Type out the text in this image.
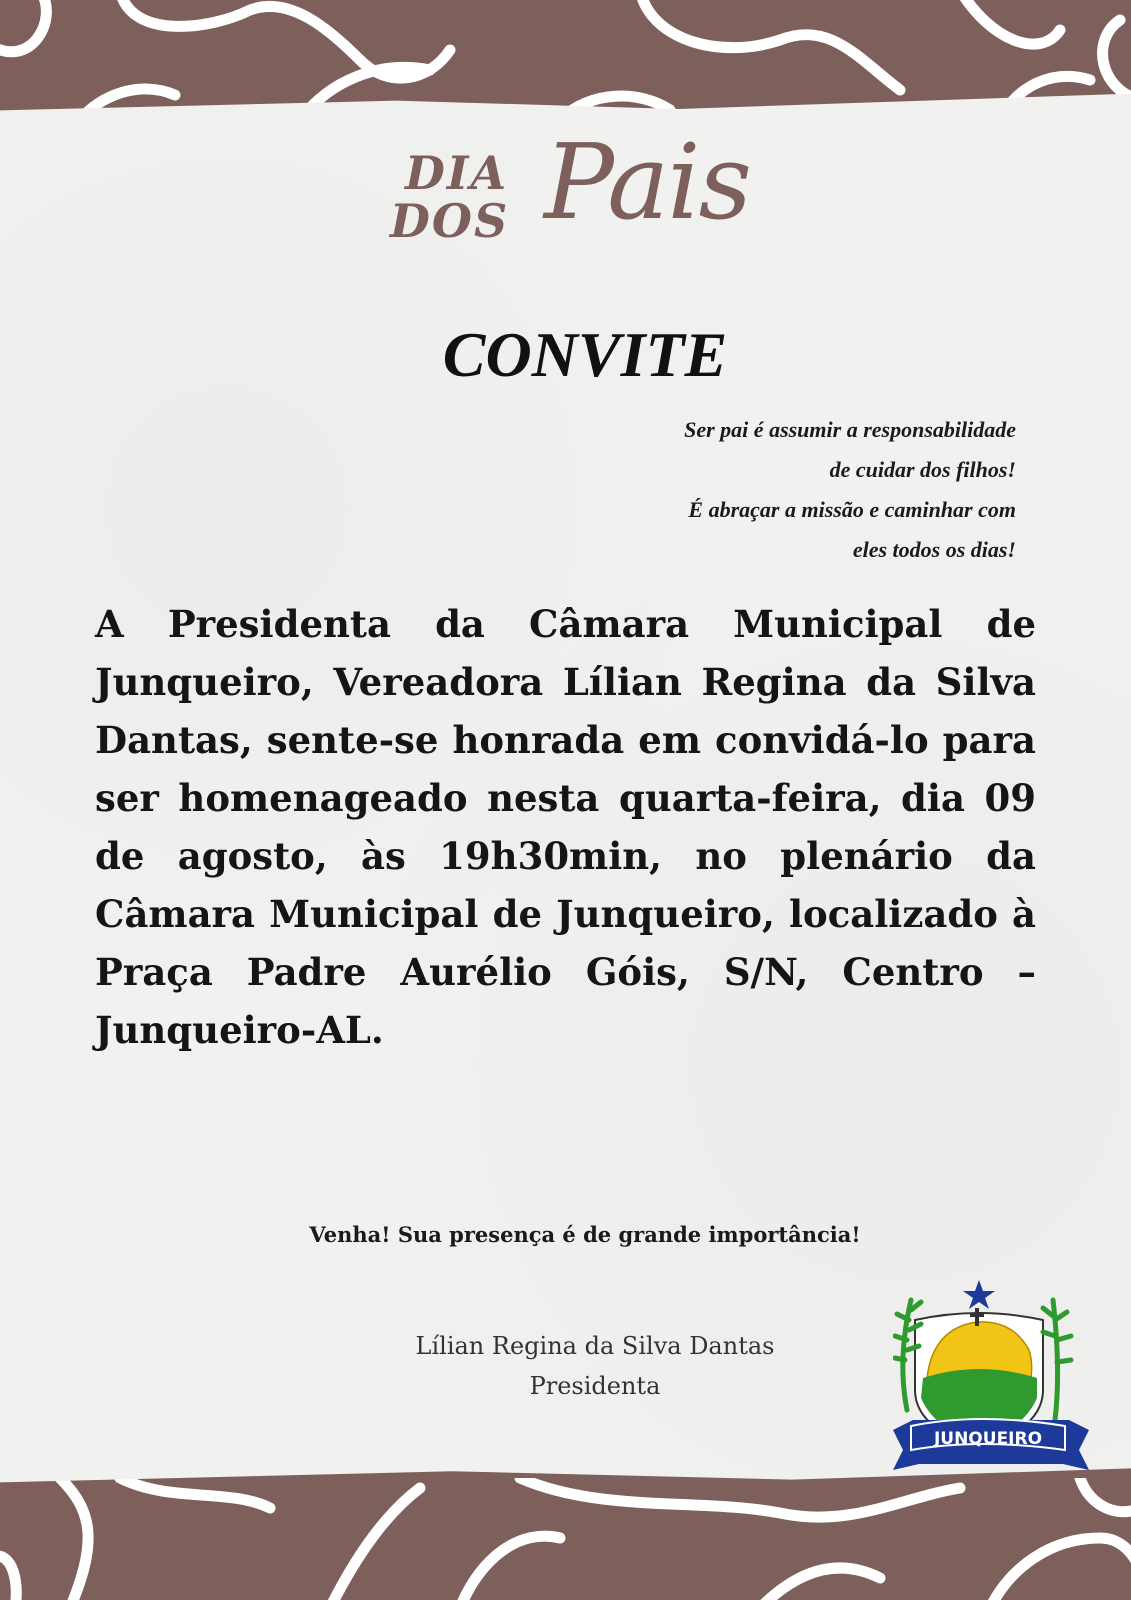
DIA
DOS Pais
CONVITE
Ser pai é assumir a responsabilidade
de cuidar dos filhos!
É abraçar a missão e caminhar com
eles todos os dias!

A Presidenta da Câmara Municipal de Junqueiro, Vereadora Lílian Regina da Silva Dantas, sente-se honrada em convidá-lo para ser homenageado nesta quarta-feira, dia 09 de agosto, às 19h30min, no plenário da Câmara Municipal de Junqueiro, localizado à Praça Padre Aurélio Góis, S/N, Centro – Junqueiro-AL.

Venha! Sua presença é de grande importância!
Lílian Regina da Silva Dantas
Presidenta
JUNQUEIRO
